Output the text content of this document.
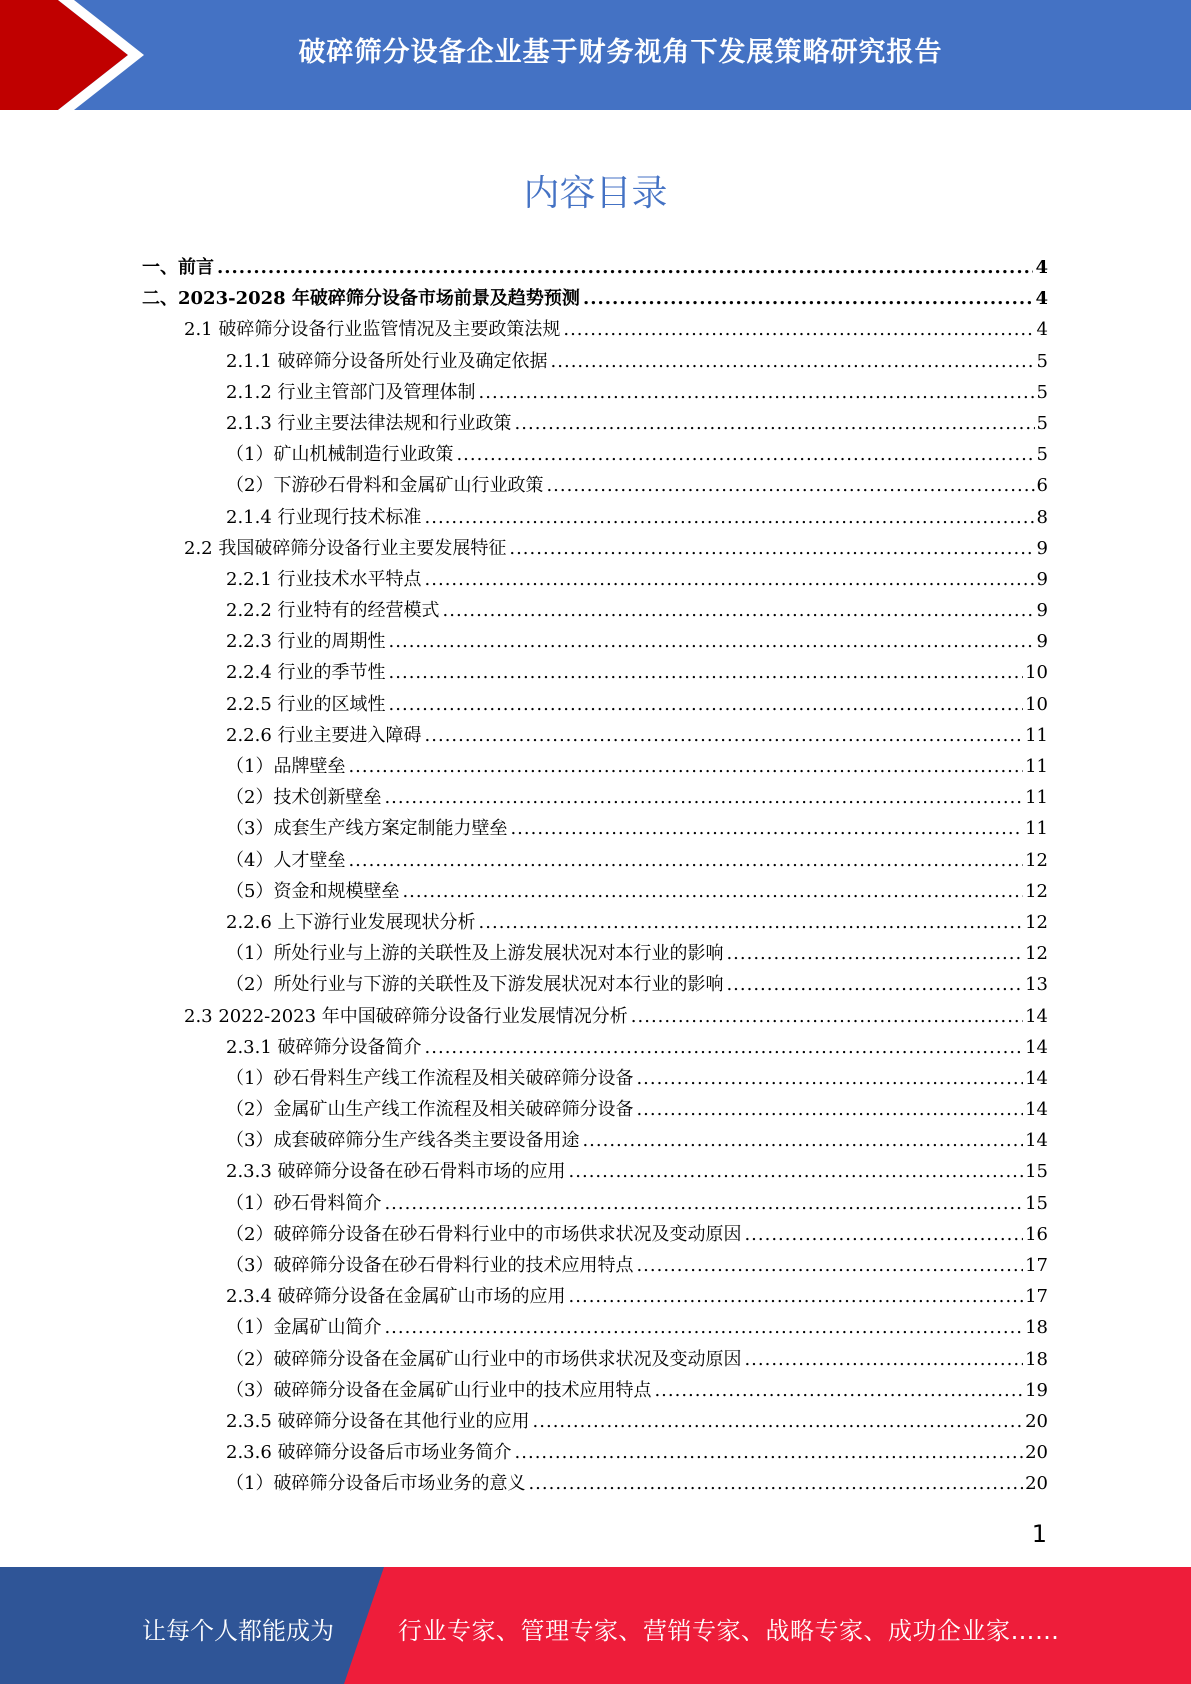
破碎筛分设备企业基于财务视角下发展策略研究报告
内容目录
一、前言 .....	4
二、2023-2028 年破碎筛分设备市场前景及趋势预测 .....	4
2.1 破碎筛分设备行业监管情况及主要政策法规 .....	4
2.1.1 破碎筛分设备所处行业及确定依据 .....	5
2.1.2 行业主管部门及管理体制 .....	5
2.1.3 行业主要法律法规和行业政策 .....	5
（1）矿山机械制造行业政策 .....	5
（2）下游砂石骨料和金属矿山行业政策 .....	6
2.1.4 行业现行技术标准 .....	8
2.2 我国破碎筛分设备行业主要发展特征 .....	9
2.2.1 行业技术水平特点 .....	9
2.2.2 行业特有的经营模式 .....	9
2.2.3 行业的周期性 .....	9
2.2.4 行业的季节性 .....	10
2.2.5 行业的区域性 .....	10
2.2.6 行业主要进入障碍 .....	11
（1）品牌壁垒 .....	11
（2）技术创新壁垒 .....	11
（3）成套生产线方案定制能力壁垒 .....	11
（4）人才壁垒 .....	12
（5）资金和规模壁垒 .....	12
2.2.6 上下游行业发展现状分析 .....	12
（1）所处行业与上游的关联性及上游发展状况对本行业的影响 .....	12
（2）所处行业与下游的关联性及下游发展状况对本行业的影响 .....	13
2.3 2022-2023 年中国破碎筛分设备行业发展情况分析 .....	14
2.3.1 破碎筛分设备简介 .....	14
（1）砂石骨料生产线工作流程及相关破碎筛分设备 .....	14
（2）金属矿山生产线工作流程及相关破碎筛分设备 .....	14
（3）成套破碎筛分生产线各类主要设备用途 .....	14
2.3.3 破碎筛分设备在砂石骨料市场的应用 .....	15
（1）砂石骨料简介 .....	15
（2）破碎筛分设备在砂石骨料行业中的市场供求状况及变动原因 .....	16
（3）破碎筛分设备在砂石骨料行业的技术应用特点 .....	17
2.3.4 破碎筛分设备在金属矿山市场的应用 .....	17
（1）金属矿山简介 .....	18
（2）破碎筛分设备在金属矿山行业中的市场供求状况及变动原因 .....	18
（3）破碎筛分设备在金属矿山行业中的技术应用特点 .....	19
2.3.5 破碎筛分设备在其他行业的应用 .....	20
2.3.6 破碎筛分设备后市场业务简介 .....	20
（1）破碎筛分设备后市场业务的意义 .....	20
1
让每个人都能成为	行业专家、管理专家、营销专家、战略专家、成功企业家……
